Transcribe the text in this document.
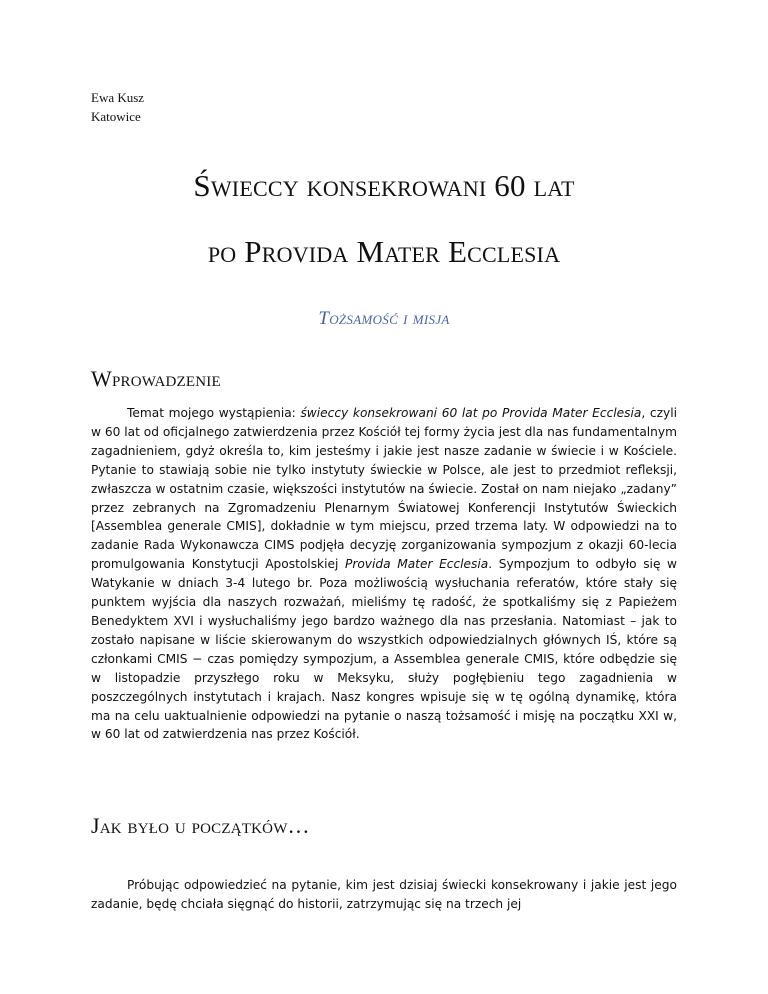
Ewa Kusz
Katowice
Świeccy konsekrowani 60 lat
po Provida Mater Ecclesia
Tożsamość i misja
Wprowadzenie

Temat mojego wystąpienia: świeccy konsekrowani 60 lat po Provida Mater Ecclesia, czyli w 60 lat od oficjalnego zatwierdzenia przez Kościół tej formy życia jest dla nas fundamentalnym zagadnieniem, gdyż określa to, kim jesteśmy i jakie jest nasze zadanie w świecie i w Kościele. Pytanie to stawiają sobie nie tylko instytuty świeckie w Polsce, ale jest to przedmiot refleksji, zwłaszcza w ostatnim czasie, większości instytutów na świecie. Został on nam niejako „zadany” przez zebranych na Zgromadzeniu Plenarnym Światowej Konferencji Instytutów Świeckich [Assemblea generale CMIS], dokładnie w tym miejscu, przed trzema laty. W odpowiedzi na to zadanie Rada Wykonawcza CIMS podjęła decyzję zorganizowania sympozjum z okazji 60-lecia promulgowania Konstytucji Apostolskiej Provida Mater Ecclesia. Sympozjum to odbyło się w Watykanie w dniach 3-4 lutego br. Poza możliwością wysłuchania referatów, które stały się punktem wyjścia dla naszych rozważań, mieliśmy tę radość, że spotkaliśmy się z Papieżem Benedyktem XVI i wysłuchaliśmy jego bardzo ważnego dla nas przesłania. Natomiast – jak to zostało napisane w liście skierowanym do wszystkich odpowiedzialnych głównych IŚ, które są członkami CMIS − czas pomiędzy sympozjum, a Assemblea generale CMIS, które odbędzie się w listopadzie przyszłego roku w Meksyku, służy pogłębieniu tego zagadnienia w poszczególnych instytutach i krajach. Nasz kongres wpisuje się w tę ogólną dynamikę, która ma na celu uaktualnienie odpowiedzi na pytanie o naszą tożsamość i misję na początku XXI w, w 60 lat od zatwierdzenia nas przez Kościół.

Jak było u początków…

Próbując odpowiedzieć na pytanie, kim jest dzisiaj świecki konsekrowany i jakie jest jego zadanie, będę chciała sięgnąć do historii, zatrzymując się na trzech jej
